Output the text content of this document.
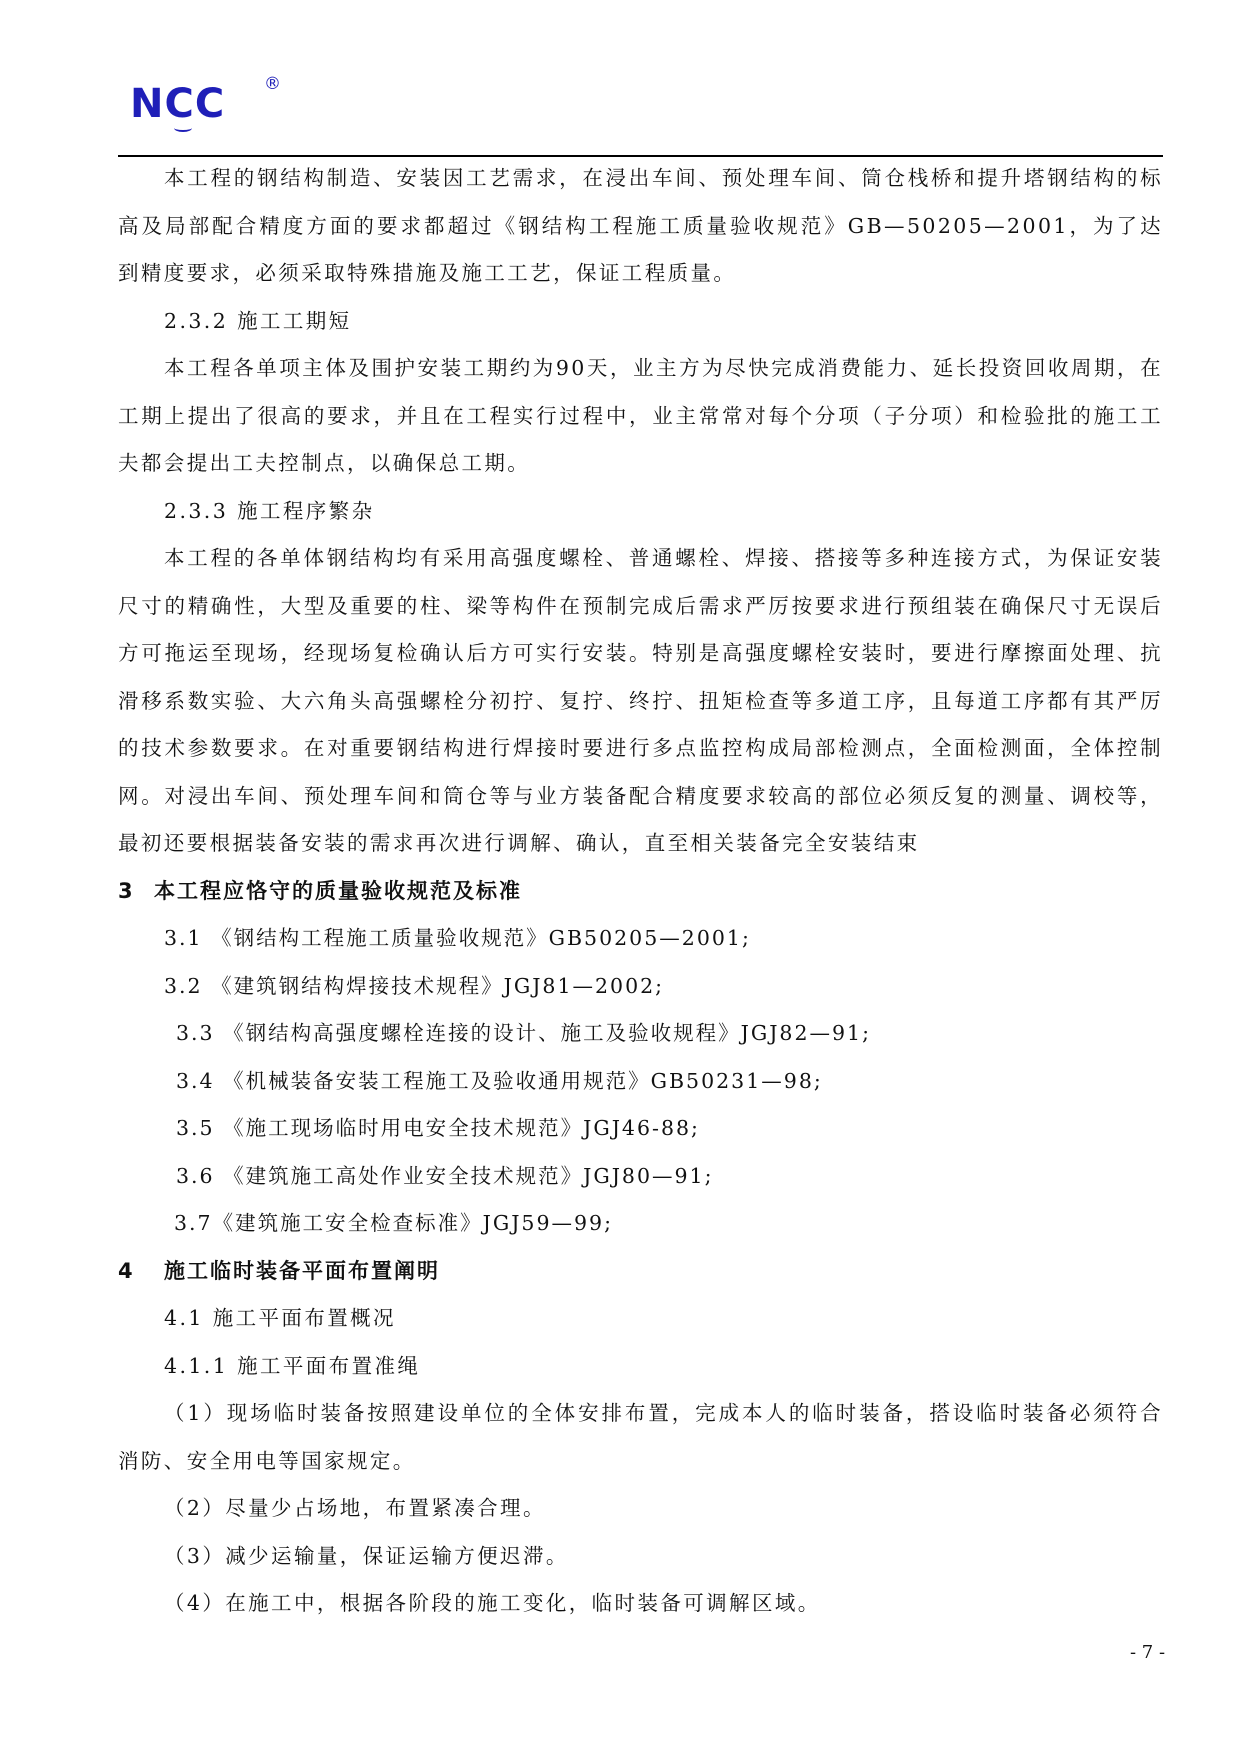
NCC ®

本工程的钢结构制造、安装因工艺需求，在浸出车间、预处理车间、筒仓栈桥和提升塔钢结构的标高及局部配合精度方面的要求都超过《钢结构工程施工质量验收规范》GB—50205—2001，为了达到精度要求，必须采取特殊措施及施工工艺，保证工程质量。

2.3.2 施工工期短

本工程各单项主体及围护安装工期约为90天，业主方为尽快完成消费能力、延长投资回收周期，在工期上提出了很高的要求，并且在工程实行过程中，业主常常对每个分项（子分项）和检验批的施工工夫都会提出工夫控制点，以确保总工期。

2.3.3 施工程序繁杂

本工程的各单体钢结构均有采用高强度螺栓、普通螺栓、焊接、搭接等多种连接方式，为保证安装尺寸的精确性，大型及重要的柱、梁等构件在预制完成后需求严厉按要求进行预组装在确保尺寸无误后方可拖运至现场，经现场复检确认后方可实行安装。特别是高强度螺栓安装时，要进行摩擦面处理、抗滑移系数实验、大六角头高强螺栓分初拧、复拧、终拧、扭矩检查等多道工序，且每道工序都有其严厉的技术参数要求。在对重要钢结构进行焊接时要进行多点监控构成局部检测点，全面检测面，全体控制网。对浸出车间、预处理车间和筒仓等与业方装备配合精度要求较高的部位必须反复的测量、调校等，最初还要根据装备安装的需求再次进行调解、确认，直至相关装备完全安装结束

3 本工程应恪守的质量验收规范及标准

3.1 《钢结构工程施工质量验收规范》GB50205—2001;

3.2 《建筑钢结构焊接技术规程》JGJ81—2002;

3.3 《钢结构高强度螺栓连接的设计、施工及验收规程》JGJ82—91;

3.4 《机械装备安装工程施工及验收通用规范》GB50231—98;

3.5 《施工现场临时用电安全技术规范》JGJ46-88;

3.6 《建筑施工高处作业安全技术规范》JGJ80—91;

3.7《建筑施工安全检查标准》JGJ59—99;

4 施工临时装备平面布置阐明

4.1 施工平面布置概况

4.1.1 施工平面布置准绳

（1）现场临时装备按照建设单位的全体安排布置，完成本人的临时装备，搭设临时装备必须符合消防、安全用电等国家规定。

（2）尽量少占场地，布置紧凑合理。

（3）减少运输量，保证运输方便迟滞。

（4）在施工中，根据各阶段的施工变化，临时装备可调解区域。

- 7 -
